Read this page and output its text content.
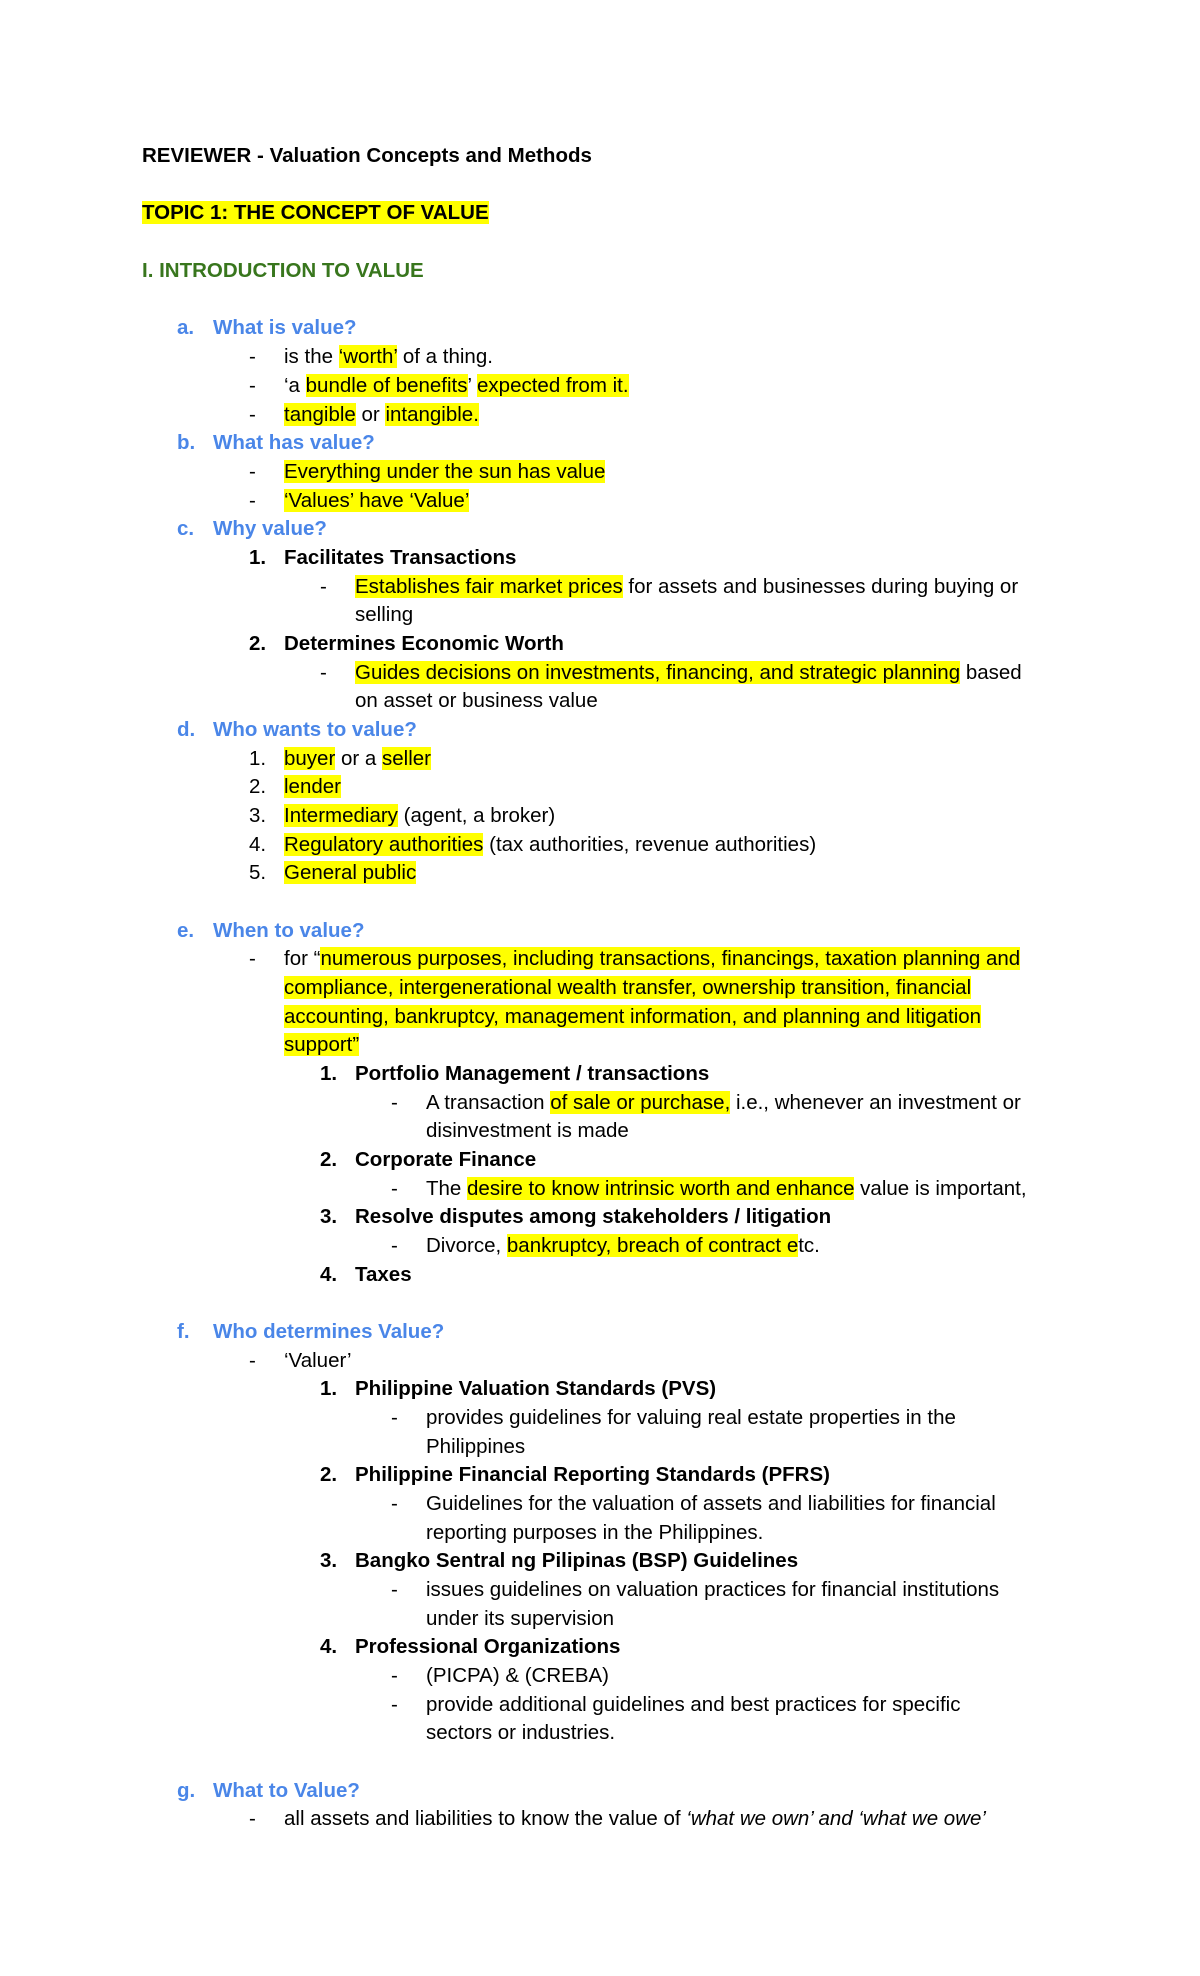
REVIEWER - Valuation Concepts and Methods
TOPIC 1: THE CONCEPT OF VALUE
I. INTRODUCTION TO VALUE
a. What is value?
- is the ‘worth’ of a thing.
- ‘a bundle of benefits’ expected from it.
- tangible or intangible.
b. What has value?
- Everything under the sun has value
- ‘Values’ have ‘Value’
c. Why value?
1. Facilitates Transactions
- Establishes fair market prices for assets and businesses during buying or
selling
2. Determines Economic Worth
- Guides decisions on investments, financing, and strategic planning based
on asset or business value
d. Who wants to value?
1. buyer or a seller
2. lender
3. Intermediary (agent, a broker)
4. Regulatory authorities (tax authorities, revenue authorities)
5. General public
e. When to value?
- for “numerous purposes, including transactions, financings, taxation planning and
compliance, intergenerational wealth transfer, ownership transition, financial
accounting, bankruptcy, management information, and planning and litigation
support”
1. Portfolio Management / transactions
- A transaction of sale or purchase, i.e., whenever an investment or
disinvestment is made
2. Corporate Finance
- The desire to know intrinsic worth and enhance value is important,
3. Resolve disputes among stakeholders / litigation
- Divorce, bankruptcy, breach of contract etc.
4. Taxes
f. Who determines Value?
- ‘Valuer’
1. Philippine Valuation Standards (PVS)
- provides guidelines for valuing real estate properties in the
Philippines
2. Philippine Financial Reporting Standards (PFRS)
- Guidelines for the valuation of assets and liabilities for financial
reporting purposes in the Philippines.
3. Bangko Sentral ng Pilipinas (BSP) Guidelines
- issues guidelines on valuation practices for financial institutions
under its supervision
4. Professional Organizations
- (PICPA) & (CREBA)
- provide additional guidelines and best practices for specific
sectors or industries.
g. What to Value?
- all assets and liabilities to know the value of ‘what we own’ and ‘what we owe’
